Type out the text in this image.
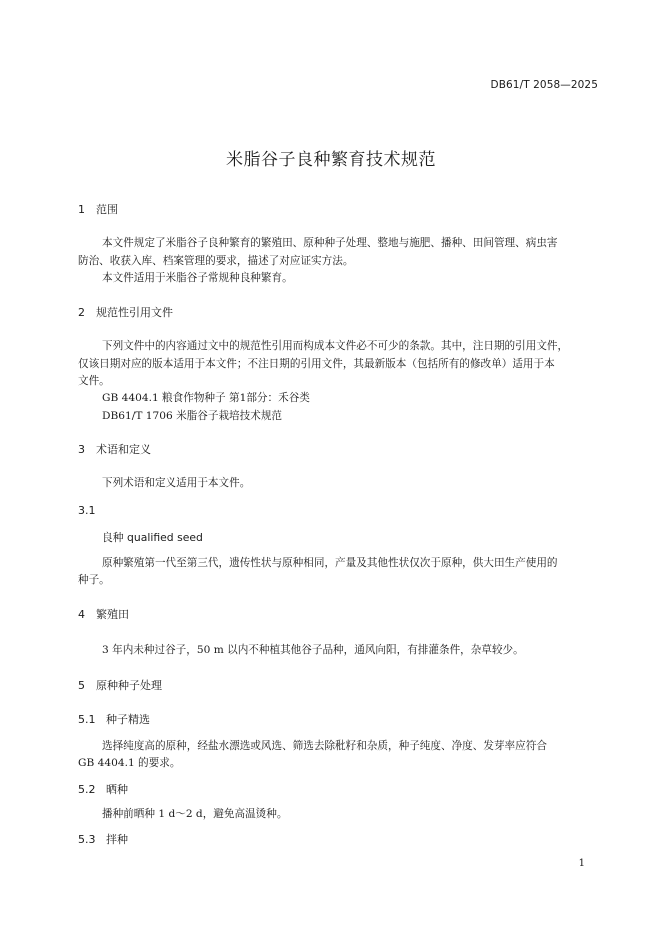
DB61/T 2058—2025
米脂谷子良种繁育技术规范
1 范围
本文件规定了米脂谷子良种繁育的繁殖田、原种种子处理、整地与施肥、播种、田间管理、病虫害
防治、收获入库、档案管理的要求，描述了对应证实方法。
本文件适用于米脂谷子常规种良种繁育。
2 规范性引用文件
下列文件中的内容通过文中的规范性引用而构成本文件必不可少的条款。其中，注日期的引用文件，
仅该日期对应的版本适用于本文件；不注日期的引用文件，其最新版本（包括所有的修改单）适用于本
文件。
GB 4404.1 粮食作物种子 第1部分：禾谷类
DB61/T 1706 米脂谷子栽培技术规范
3 术语和定义
下列术语和定义适用于本文件。
3.1
良种 qualified seed
原种繁殖第一代至第三代，遗传性状与原种相同，产量及其他性状仅次于原种，供大田生产使用的
种子。
4 繁殖田
3 年内未种过谷子，50 m 以内不种植其他谷子品种，通风向阳，有排灌条件，杂草较少。
5 原种种子处理
5.1 种子精选
选择纯度高的原种，经盐水漂选或风选、筛选去除秕籽和杂质，种子纯度、净度、发芽率应符合
GB 4404.1 的要求。
5.2 晒种
播种前晒种 1 d～2 d，避免高温烫种。
5.3 拌种
1
